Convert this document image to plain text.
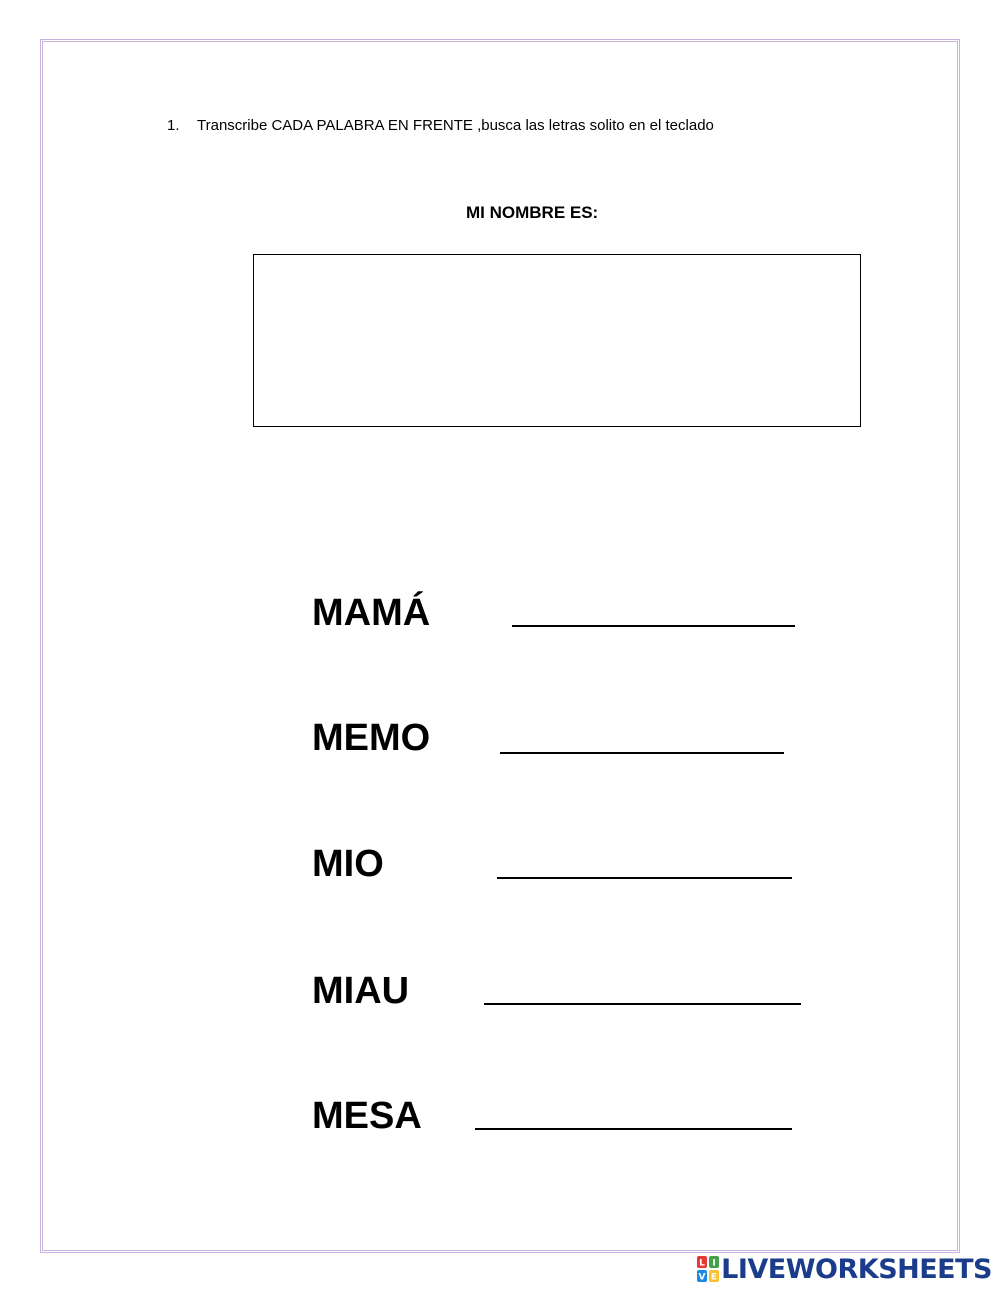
1. Transcribe CADA PALABRA EN FRENTE ,busca las letras solito en el teclado
MI NOMBRE ES:
MAMÁ
MEMO
MIO
MIAU
MESA
L I
V E LIVEWORKSHEETS
